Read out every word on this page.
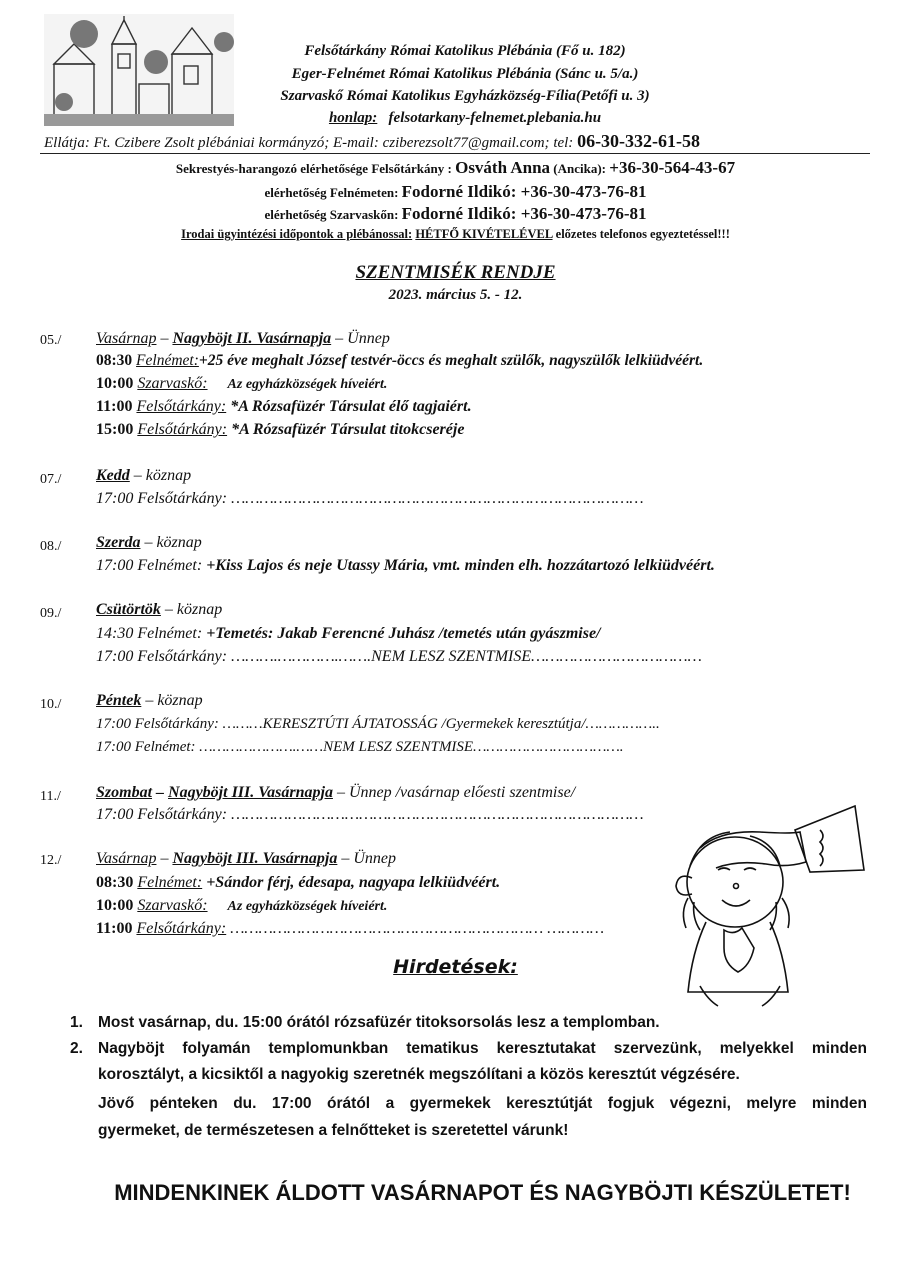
Felsőtárkány Római Katolikus Plébánia (Fő u. 182)
Eger-Felnémet Római Katolikus Plébánia (Sánc u. 5/a.)
Szarvaskő Római Katolikus Egyházközség-Fília(Petőfi u. 3)
honlap: felsotarkany-felnemet.plebania.hu
Ellátja: Ft. Czibere Zsolt plébániai kormányzó; E-mail: cziberezsolt77@gmail.com; tel: 06-30-332-61-58
Sekrestyés-harangozó elérhetősége Felsőtárkány : Osváth Anna (Ancika): +36-30-564-43-67
elérhetőség Felnémeten: Fodorné Ildikó: +36-30-473-76-81
elérhetőség Szarvaskőn: Fodorné Ildikó: +36-30-473-76-81
Irodai ügyintézési időpontok a plébánossal: HÉTFŐ KIVÉTELÉVEL előzetes telefonos egyeztetéssel!!!
SZENTMISÉK RENDJE
2023. március 5. - 12.
05./ Vasárnap – Nagyböjt II. Vasárnapja – Ünnep
08:30 Felnémet:+25 éve meghalt József testvér-öccs és meghalt szülők, nagyszülők lelkiüdvéért.
10:00 Szarvaskő: Az egyházközségek híveiért.
11:00 Felsőtárkány: *A Rózsafüzér Társulat élő tagjaiért.
15:00 Felsőtárkány: *A Rózsafüzér Társulat titokcseréje
07./ Kedd – köznap
17:00 Felsőtárkány: ……………………………………………………………………………
08./ Szerda – köznap
17:00 Felnémet: +Kiss Lajos és neje Utassy Mária, vmt. minden elh. hozzátartozó lelkiüdvéért.
09./ Csütörtök – köznap
14:30 Felnémet: +Temetés: Jakab Ferencné Juhász /temetés után gyászmise/
17:00 Felsőtárkány: ……….………….…….NEM LESZ SZENTMISE………………………………
10./ Péntek – köznap
17:00 Felsőtárkány: ………KERESZTÚTI ÁJTATOSSÁG /Gyermekek keresztútja/……………..
17:00 Felnémet: ………………….……NEM LESZ SZENTMISE…………………………….
11./ Szombat – Nagyböjt III. Vasárnapja – Ünnep /vasárnap előesti szentmise/
17:00 Felsőtárkány: ……………………………………………………………………………
12./ Vasárnap – Nagyböjt III. Vasárnapja – Ünnep
08:30 Felnémet: +Sándor férj, édesapa, nagyapa lelkiüdvéért.
10:00 Szarvaskő: Az egyházközségek híveiért.
11:00 Felsőtárkány: ………………………………………………………… …………
Hirdetések:
1. Most vasárnap, du. 15:00 órától rózsafüzér titoksorsolás lesz a templomban.
2. Nagyböjt folyamán templomunkban tematikus keresztutakat szervezünk, melyekkel minden
korosztályt, a kicsiktől a nagyokig szeretnék megszólítani a közös keresztút végzésére.
Jövő pénteken du. 17:00 órától a gyermekek keresztútját fogjuk végezni, melyre minden
gyermeket, de természetesen a felnőtteket is szeretettel várunk!
MINDENKINEK ÁLDOTT VASÁRNAPOT ÉS NAGYBÖJTI KÉSZÜLETET!
